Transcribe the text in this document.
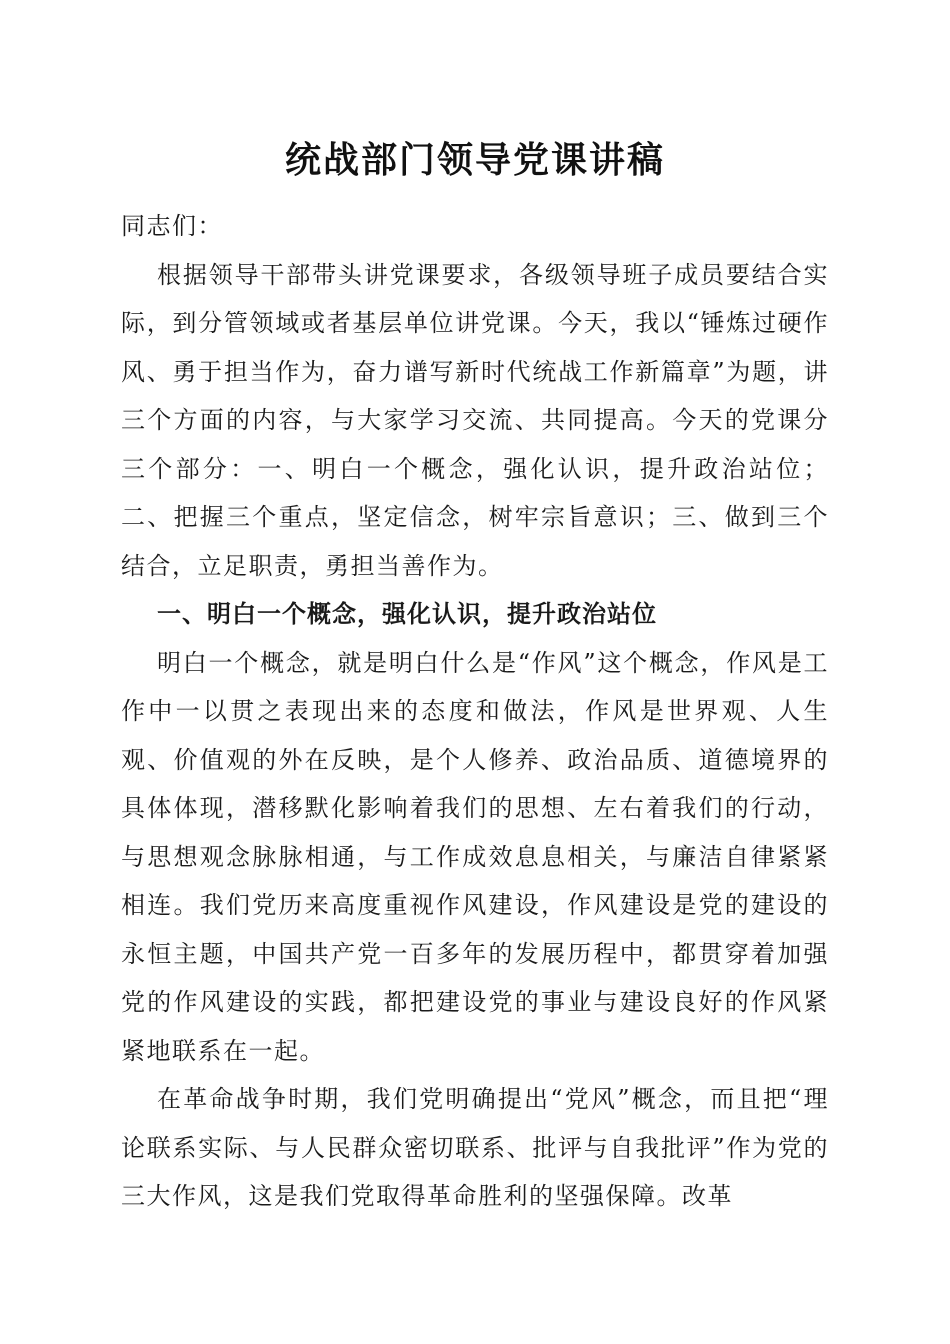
统战部门领导党课讲稿

同志们：

根据领导干部带头讲党课要求，各级领导班子成员要结合实际，到分管领域或者基层单位讲党课。今天，我以“锤炼过硬作风、勇于担当作为，奋力谱写新时代统战工作新篇章”为题，讲三个方面的内容，与大家学习交流、共同提高。今天的党课分三个部分：一、明白一个概念，强化认识，提升政治站位；二、把握三个重点，坚定信念，树牢宗旨意识；三、做到三个结合，立足职责，勇担当善作为。

一、明白一个概念，强化认识，提升政治站位

明白一个概念，就是明白什么是“作风”这个概念，作风是工作中一以贯之表现出来的态度和做法，作风是世界观、人生观、价值观的外在反映，是个人修养、政治品质、道德境界的具体体现，潜移默化影响着我们的思想、左右着我们的行动，与思想观念脉脉相通，与工作成效息息相关，与廉洁自律紧紧相连。我们党历来高度重视作风建设，作风建设是党的建设的永恒主题，中国共产党一百多年的发展历程中，都贯穿着加强党的作风建设的实践，都把建设党的事业与建设良好的作风紧紧地联系在一起。

在革命战争时期，我们党明确提出“党风”概念，而且把“理论联系实际、与人民群众密切联系、批评与自我批评”作为党的三大作风，这是我们党取得革命胜利的坚强保障。改革
